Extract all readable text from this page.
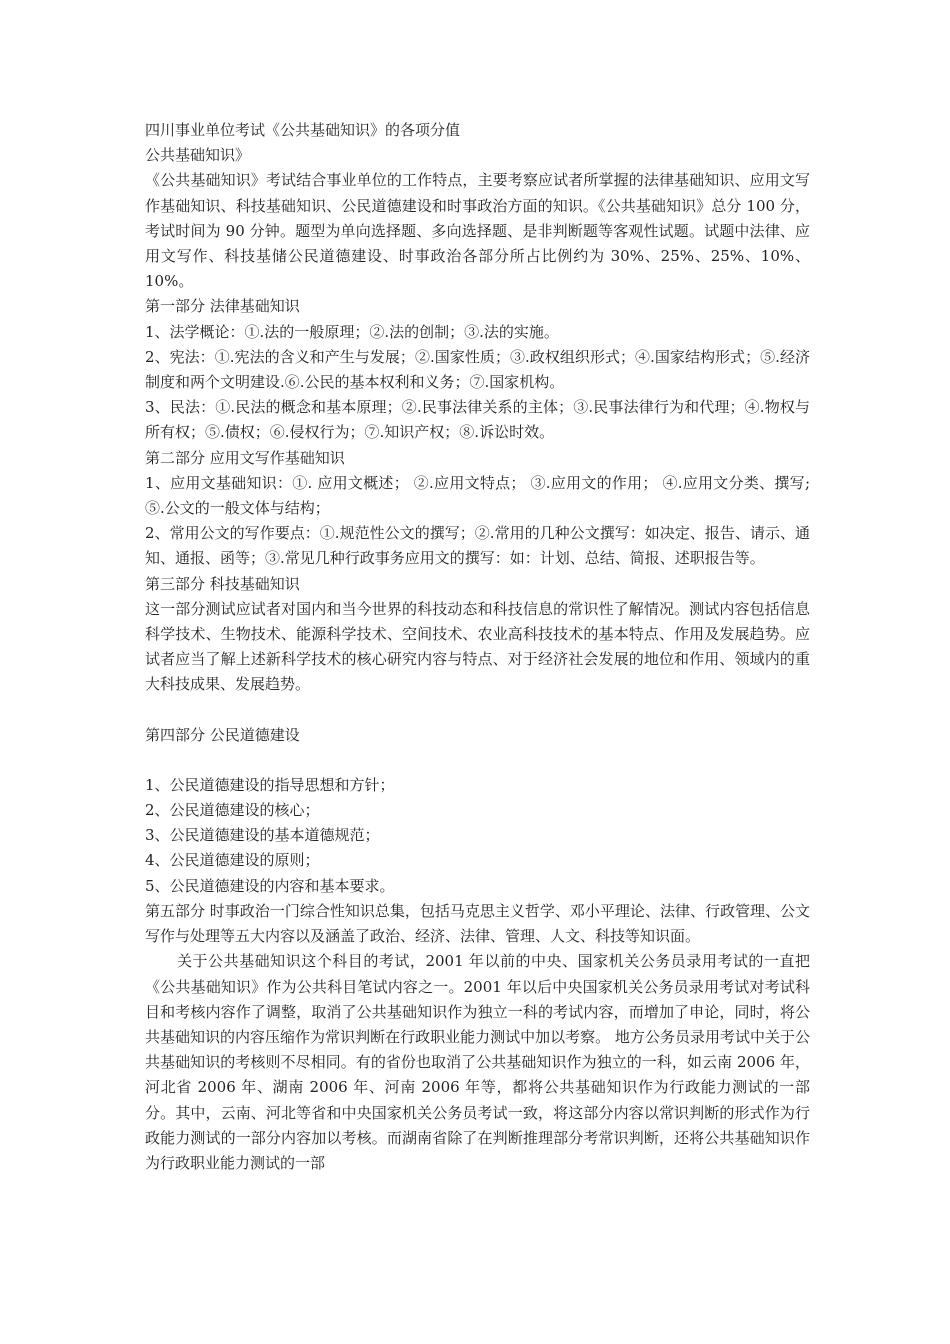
四川事业单位考试《公共基础知识》的各项分值

公共基础知识》

《公共基础知识》考试结合事业单位的工作特点，主要考察应试者所掌握的法律基础知识、应用文写作基础知识、科技基础知识、公民道德建设和时事政治方面的知识。《公共基础知识》总分 100 分，考试时间为 90 分钟。题型为单向选择题、多向选择题、是非判断题等客观性试题。试题中法律、应用文写作、科技基储公民道德建设、时事政治各部分所占比例约为 30%、25%、25%、10%、10%。

第一部分 法律基础知识

1、法学概论：①.法的一般原理；②.法的创制；③.法的实施。

2、宪法：①.宪法的含义和产生与发展；②.国家性质；③.政权组织形式；④.国家结构形式；⑤.经济制度和两个文明建设.⑥.公民的基本权利和义务；⑦.国家机构。

3、民法：①.民法的概念和基本原理；②.民事法律关系的主体；③.民事法律行为和代理；④.物权与所有权；⑤.债权；⑥.侵权行为；⑦.知识产权；⑧.诉讼时效。

第二部分 应用文写作基础知识

1、应用文基础知识：①. 应用文概述； ②.应用文特点； ③.应用文的作用； ④.应用文分类、撰写; ⑤.公文的一般文体与结构；

2、常用公文的写作要点：①.规范性公文的撰写；②.常用的几种公文撰写：如决定、报告、请示、通知、通报、函等；③.常见几种行政事务应用文的撰写：如：计划、总结、简报、述职报告等。

第三部分 科技基础知识

这一部分测试应试者对国内和当今世界的科技动态和科技信息的常识性了解情况。测试内容包括信息科学技术、生物技术、能源科学技术、空间技术、农业高科技技术的基本特点、作用及发展趋势。应试者应当了解上述新科学技术的核心研究内容与特点、对于经济社会发展的地位和作用、领域内的重大科技成果、发展趋势。

第四部分 公民道德建设

1、公民道德建设的指导思想和方针；

2、公民道德建设的核心；

3、公民道德建设的基本道德规范；

4、公民道德建设的原则；

5、公民道德建设的内容和基本要求。

第五部分 时事政治一门综合性知识总集，包括马克思主义哲学、邓小平理论、法律、行政管理、公文写作与处理等五大内容以及涵盖了政治、经济、法律、管理、人文、科技等知识面。

关于公共基础知识这个科目的考试，2001 年以前的中央、国家机关公务员录用考试的一直把《公共基础知识》作为公共科目笔试内容之一。2001 年以后中央国家机关公务员录用考试对考试科目和考核内容作了调整，取消了公共基础知识作为独立一科的考试内容，而增加了申论，同时，将公共基础知识的内容压缩作为常识判断在行政职业能力测试中加以考察。 地方公务员录用考试中关于公共基础知识的考核则不尽相同。有的省份也取消了公共基础知识作为独立的一科，如云南 2006 年，河北省 2006 年、湖南 2006 年、河南 2006 年等，都将公共基础知识作为行政能力测试的一部分。其中，云南、河北等省和中央国家机关公务员考试一致，将这部分内容以常识判断的形式作为行政能力测试的一部分内容加以考核。而湖南省除了在判断推理部分考常识判断，还将公共基础知识作为行政职业能力测试的一部
